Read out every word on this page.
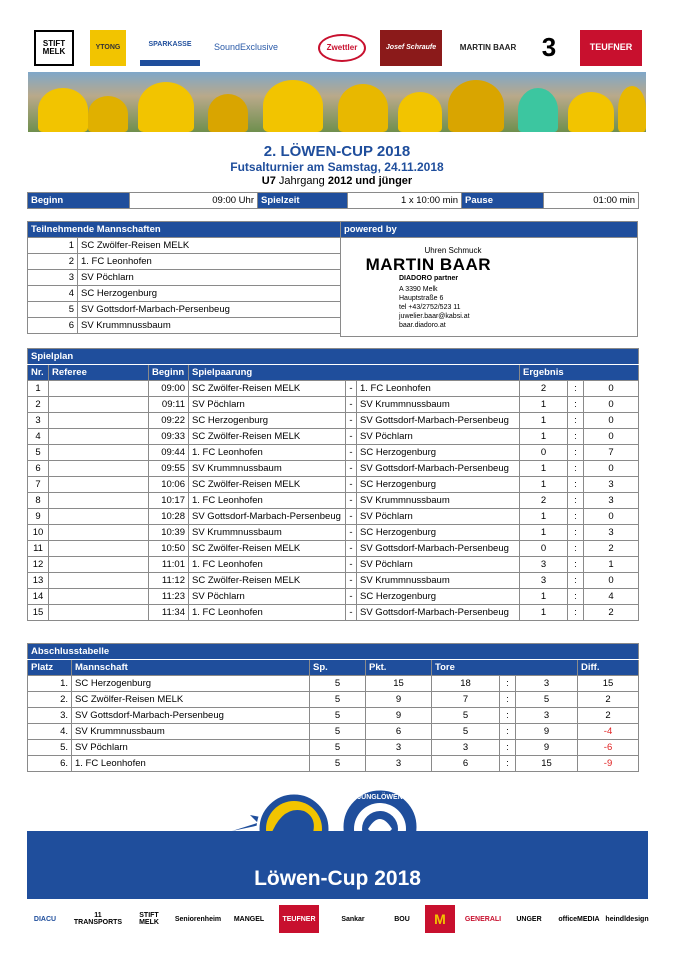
STIFT MELK	YTONG	SPARKASSE	SoundExclusive	Zwettler	Josef Schraufe	MARTIN BAAR 3	TEUFNER
2. LÖWEN-CUP 2018
Futsalturnier am Samstag, 24.11.2018
U7 Jahrgang 2012 und jünger
Beginn	09:00 Uhr	Spielzeit	1 x 10:00 min	Pause	01:00 min
Teilnehmende Mannschaften	
1	SC Zwölfer-Reisen MELK
2	1. FC Leonhofen
3	SV Pöchlarn
4	SC Herzogenburg
5	SV Gottsdorf-Marbach-Persenbeug
6	SV Krummnussbaum
powered by
Uhren Schmuck
MARTIN BAAR
DIADORO partner
A 3390 Melk
Hauptstraße 6
tel +43/2752/523 11
juwelier.baar@kabsi.at
baar.diadoro.at
Spielplan								
Nr.	Referee	Beginn	Spielpaarung			Ergebnis		
1		09:00	SC Zwölfer-Reisen MELK	-	1. FC Leonhofen	2	:	0
2		09:11	SV Pöchlarn	-	SV Krummnussbaum	1	:	0
3		09:22	SC Herzogenburg	-	SV Gottsdorf-Marbach-Persenbeug	1	:	0
4		09:33	SC Zwölfer-Reisen MELK	-	SV Pöchlarn	1	:	0
5		09:44	1. FC Leonhofen	-	SC Herzogenburg	0	:	7
6		09:55	SV Krummnussbaum	-	SV Gottsdorf-Marbach-Persenbeug	1	:	0
7		10:06	SC Zwölfer-Reisen MELK	-	SC Herzogenburg	1	:	3
8		10:17	1. FC Leonhofen	-	SV Krummnussbaum	2	:	3
9		10:28	SV Gottsdorf-Marbach-Persenbeug	-	SV Pöchlarn	1	:	0
10		10:39	SV Krummnussbaum	-	SC Herzogenburg	1	:	3
11		10:50	SC Zwölfer-Reisen MELK	-	SV Gottsdorf-Marbach-Persenbeug	0	:	2
12		11:01	1. FC Leonhofen	-	SV Pöchlarn	3	:	1
13		11:12	SC Zwölfer-Reisen MELK	-	SV Krummnussbaum	3	:	0
14		11:23	SV Pöchlarn	-	SC Herzogenburg	1	:	4
15		11:34	1. FC Leonhofen	-	SV Gottsdorf-Marbach-Persenbeug	1	:	2
Abschlusstabelle							
Platz	Mannschaft	Sp.	Pkt.	Tore			Diff.
1.	SC Herzogenburg	5	15	18	:	3	15
2.	SC Zwölfer-Reisen MELK	5	9	7	:	5	2
3.	SV Gottsdorf-Marbach-Persenbeug	5	9	5	:	3	2
4.	SV Krummnussbaum	5	6	5	:	9	-4
5.	SV Pöchlarn	5	3	3	:	9	-6
6.	1. FC Leonhofen	5	3	6	:	15	-9
JUNGLÖWEN
Löwen-Cup 2018
DIACU	11 TRANSPORTS
STIFT MELK	Seniorenheim	MANGEL	TEUFNER	Sankar	BOU	M	GENERALI	UNGER	officeMEDIA heindldesign
